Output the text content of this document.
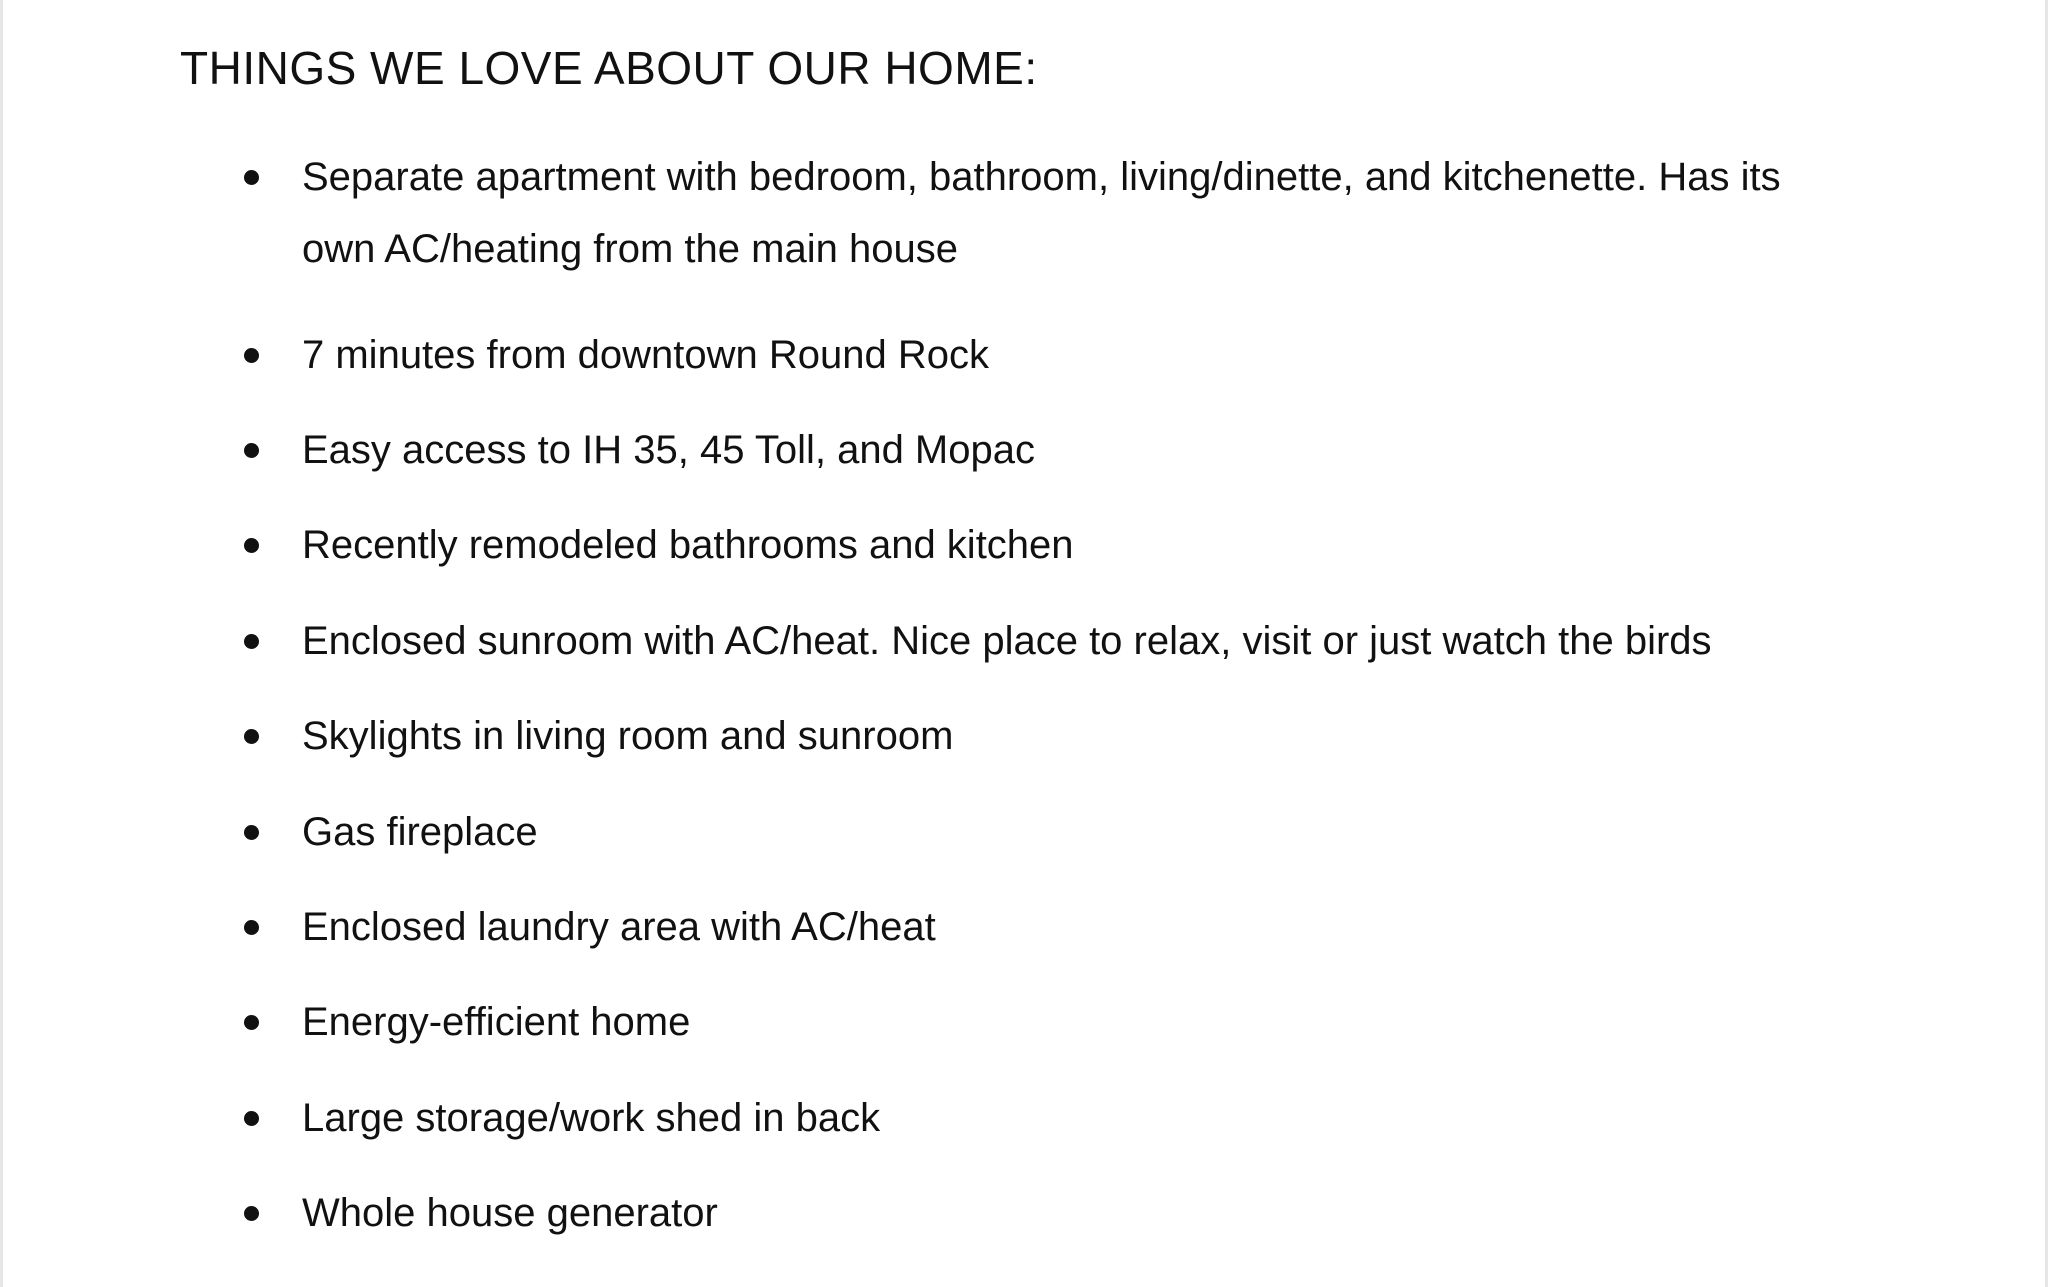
THINGS WE LOVE ABOUT OUR HOME:
Separate apartment with bedroom, bathroom, living/dinette, and kitchenette. Has its own AC/heating from the main house
7 minutes from downtown Round Rock
Easy access to IH 35, 45 Toll, and Mopac
Recently remodeled bathrooms and kitchen
Enclosed sunroom with AC/heat. Nice place to relax, visit or just watch the birds
Skylights in living room and sunroom
Gas fireplace
Enclosed laundry area with AC/heat
Energy-efficient home
Large storage/work shed in back
Whole house generator
